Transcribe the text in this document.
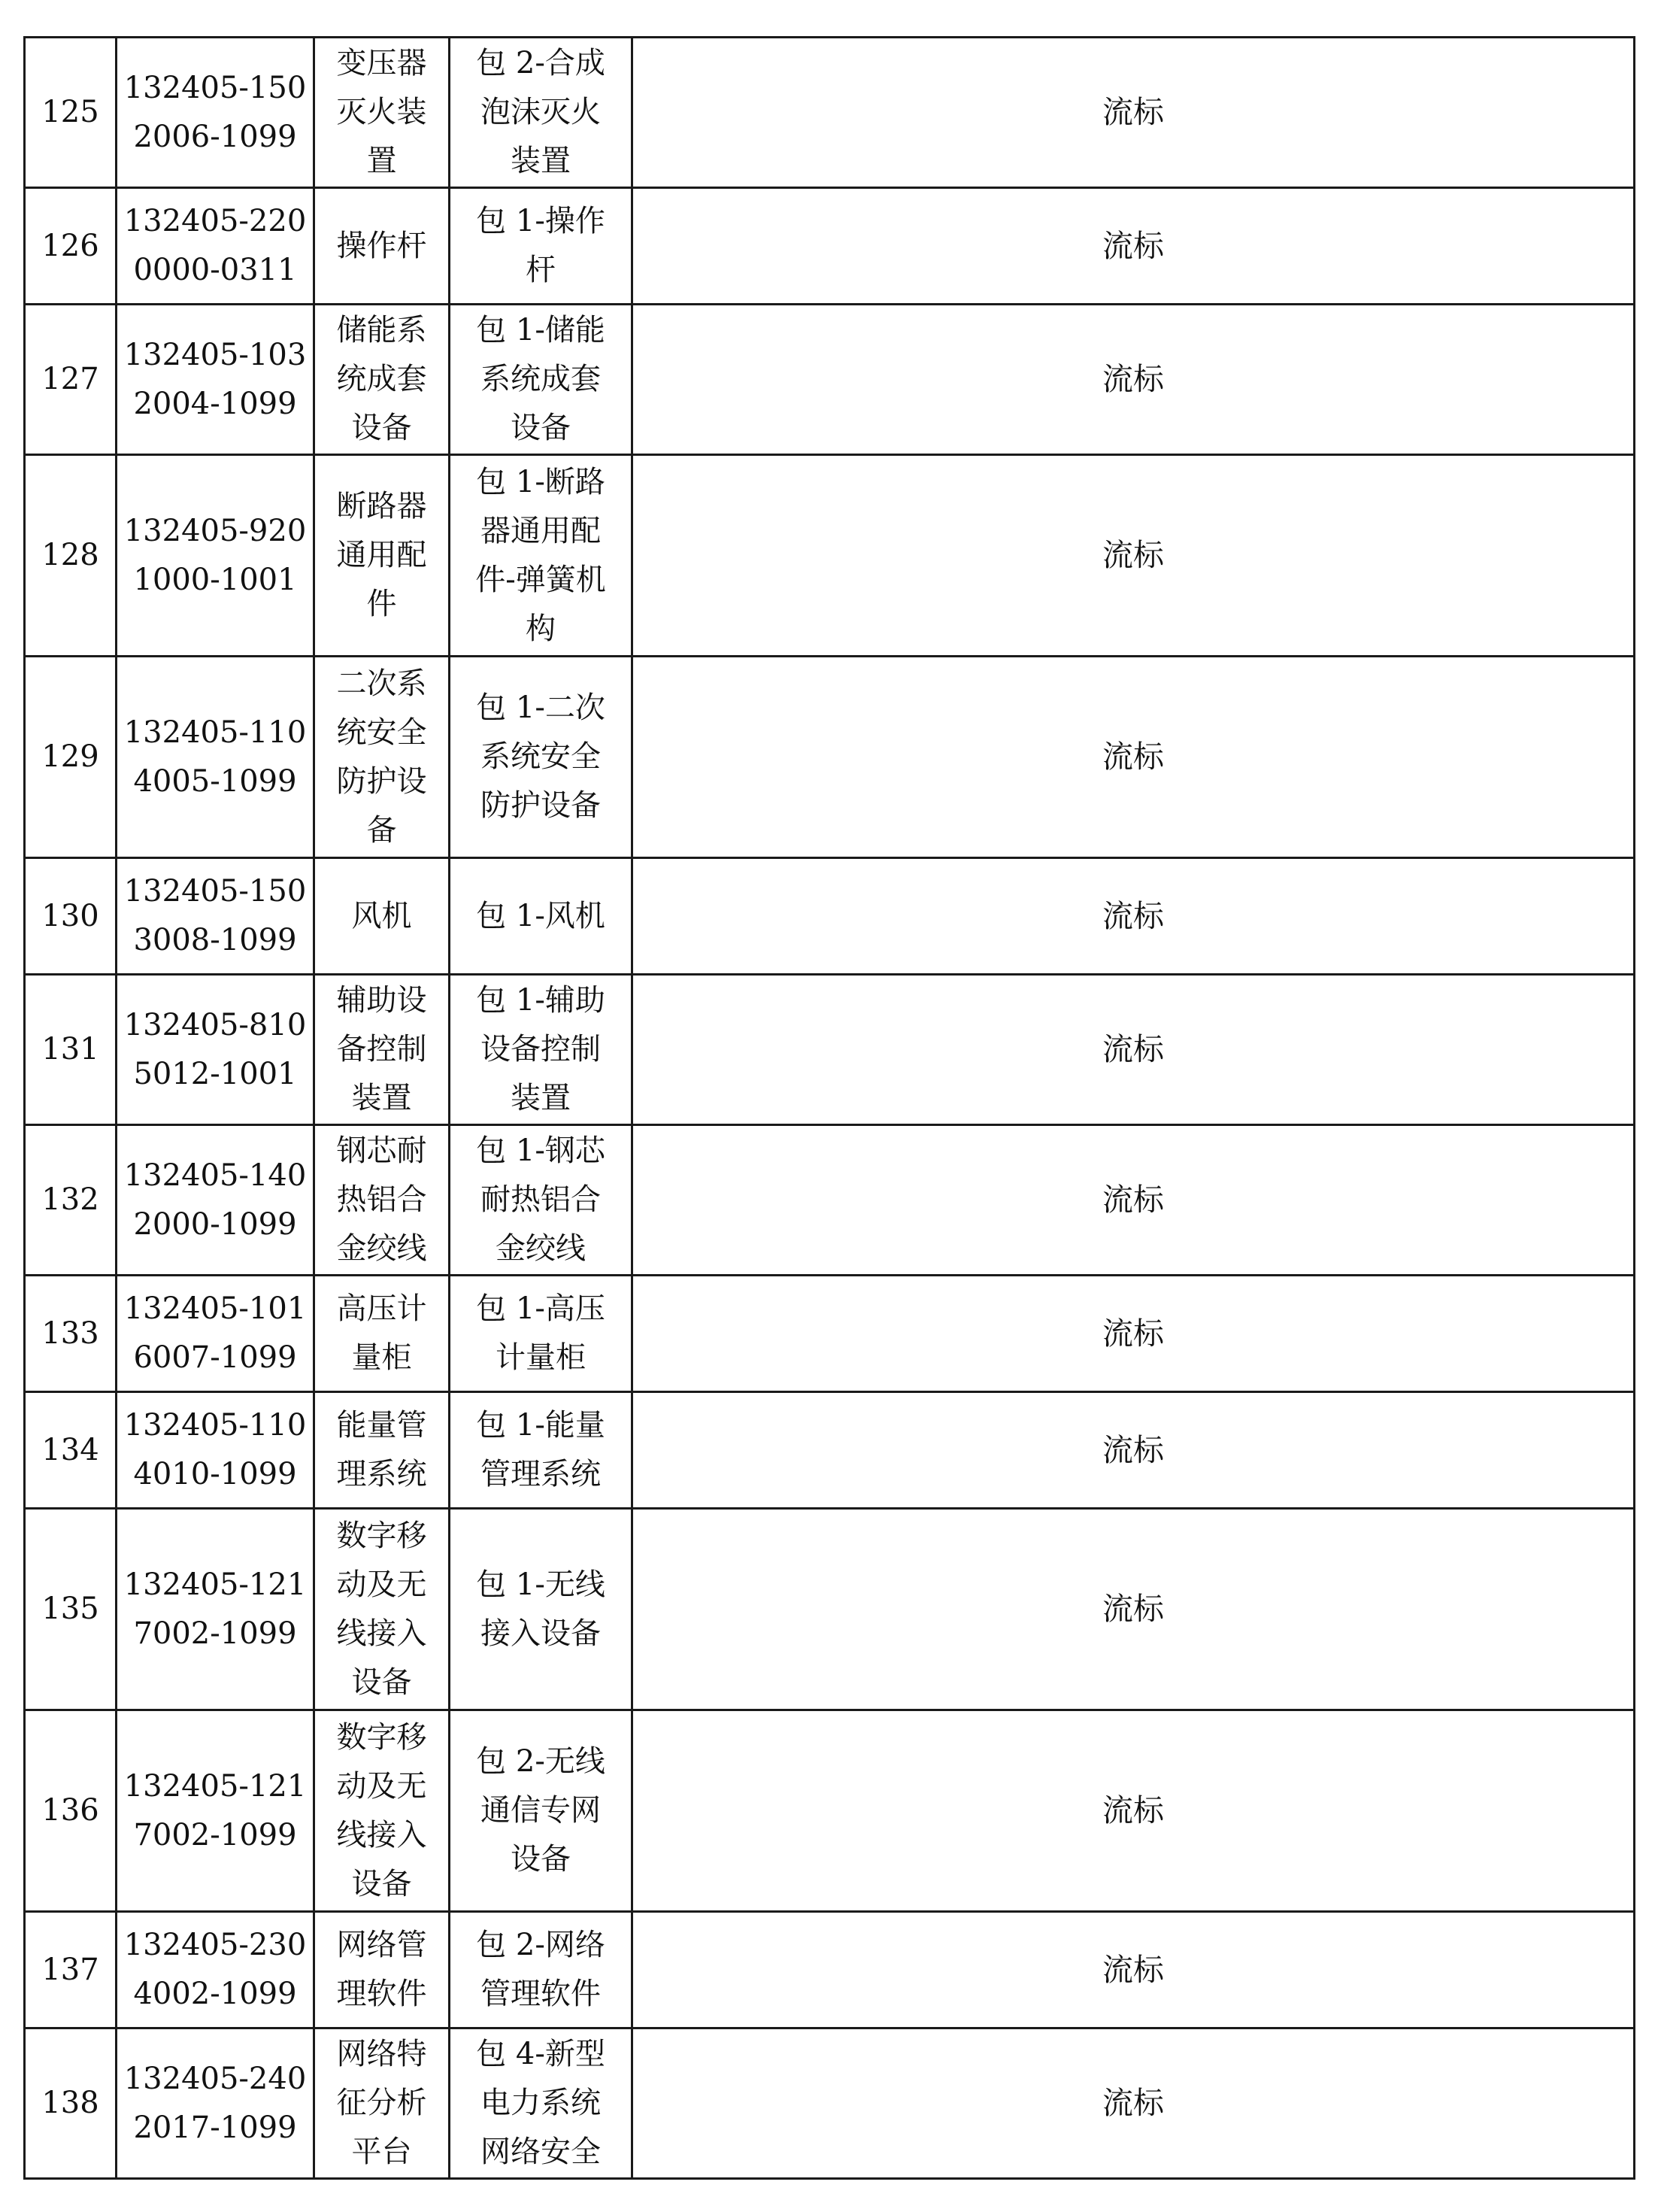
125	132405-150
2006-1099	变压器
灭火装
置	包 2-合成
泡沫灭火
装置	流标

126	132405-220
0000-0311	操作杆	包 1-操作
杆	流标

127	132405-103
2004-1099	储能系
统成套
设备	包 1-储能
系统成套
设备	流标

128	132405-920
1000-1001	断路器
通用配
件	包 1-断路
器通用配
件-弹簧机
构	流标

129	132405-110
4005-1099	二次系
统安全
防护设
备	包 1-二次
系统安全
防护设备	流标

130	132405-150
3008-1099	风机	包 1-风机	流标

131	132405-810
5012-1001	辅助设
备控制
装置	包 1-辅助
设备控制
装置	流标

132	132405-140
2000-1099	钢芯耐
热铝合
金绞线	包 1-钢芯
耐热铝合
金绞线	流标

133	132405-101
6007-1099	高压计
量柜	包 1-高压
计量柜	流标

134	132405-110
4010-1099	能量管
理系统	包 1-能量
管理系统	流标

135	132405-121
7002-1099	数字移
动及无
线接入
设备	包 1-无线
接入设备	流标

136	132405-121
7002-1099	数字移
动及无
线接入
设备	包 2-无线
通信专网
设备	流标

137	132405-230
4002-1099	网络管
理软件	包 2-网络
管理软件	流标

138	132405-240
2017-1099	网络特
征分析
平台	包 4-新型
电力系统
网络安全	流标
